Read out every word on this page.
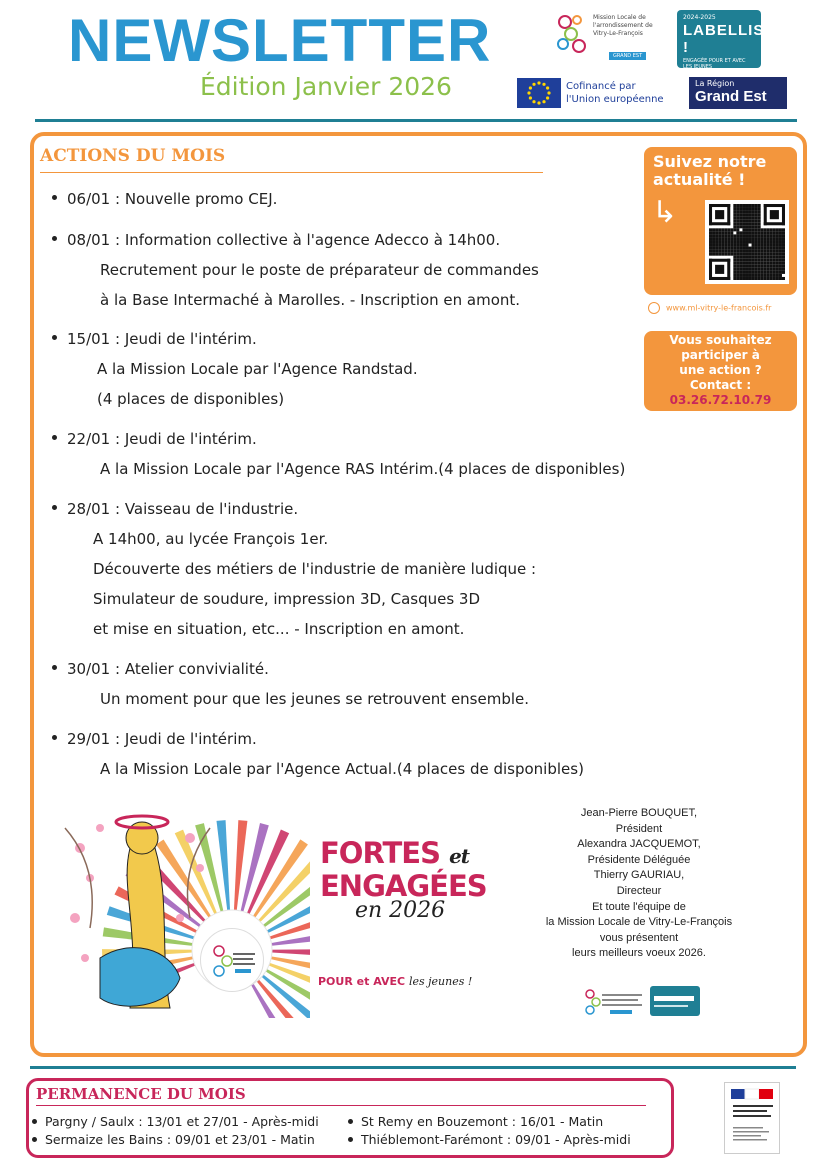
NEWSLETTER
Édition Janvier 2026
Mission Locale de l'arrondissement de Vitry-Le-François
GRAND EST
2024-2025
LABELLISÉE !
ENGAGÉE POUR ET AVEC LES JEUNES
Cofinancé par
l'Union européenne
La Région
Grand Est
ACTIONS DU MOIS
06/01 : Nouvelle promo CEJ.
08/01 : Information collective à l'agence Adecco à 14h00.
Recrutement pour le poste de préparateur de commandes
à la Base Intermaché à Marolles. - Inscription en amont.
15/01 : Jeudi de l'intérim.
A la Mission Locale par l'Agence Randstad.
(4 places de disponibles)
22/01 : Jeudi de l'intérim.
A la Mission Locale par l'Agence RAS Intérim.(4 places de disponibles)
28/01 : Vaisseau de l'industrie.
A 14h00, au lycée François 1er.
Découverte des métiers de l'industrie de manière ludique :
Simulateur de soudure, impression 3D, Casques 3D
et mise en situation, etc... - Inscription en amont.
30/01 : Atelier convivialité.
Un moment pour que les jeunes se retrouvent ensemble.
29/01 : Jeudi de l'intérim.
A la Mission Locale par l'Agence Actual.(4 places de disponibles)
Suivez notre
actualité !
↳
www.ml-vitry-le-francois.fr
Vous souhaitez
participer à
une action ?
Contact :
03.26.72.10.79
FORTES et
ENGAGÉES
en 2026
POUR et AVEC les jeunes !
Jean-Pierre BOUQUET,
Président
Alexandra JACQUEMOT,
Présidente Déléguée
Thierry GAURIAU,
Directeur
Et toute l'équipe de
la Mission Locale de Vitry-Le-François
vous présentent
leurs meilleurs voeux 2026.
PERMANENCE DU MOIS
Pargny / Saulx : 13/01 et 27/01 - Après-midi	St Remy en Bouzemont : 16/01 - Matin
Sermaize les Bains : 09/01 et 23/01 - Matin	Thiéblemont-Farémont : 09/01 - Après-midi
